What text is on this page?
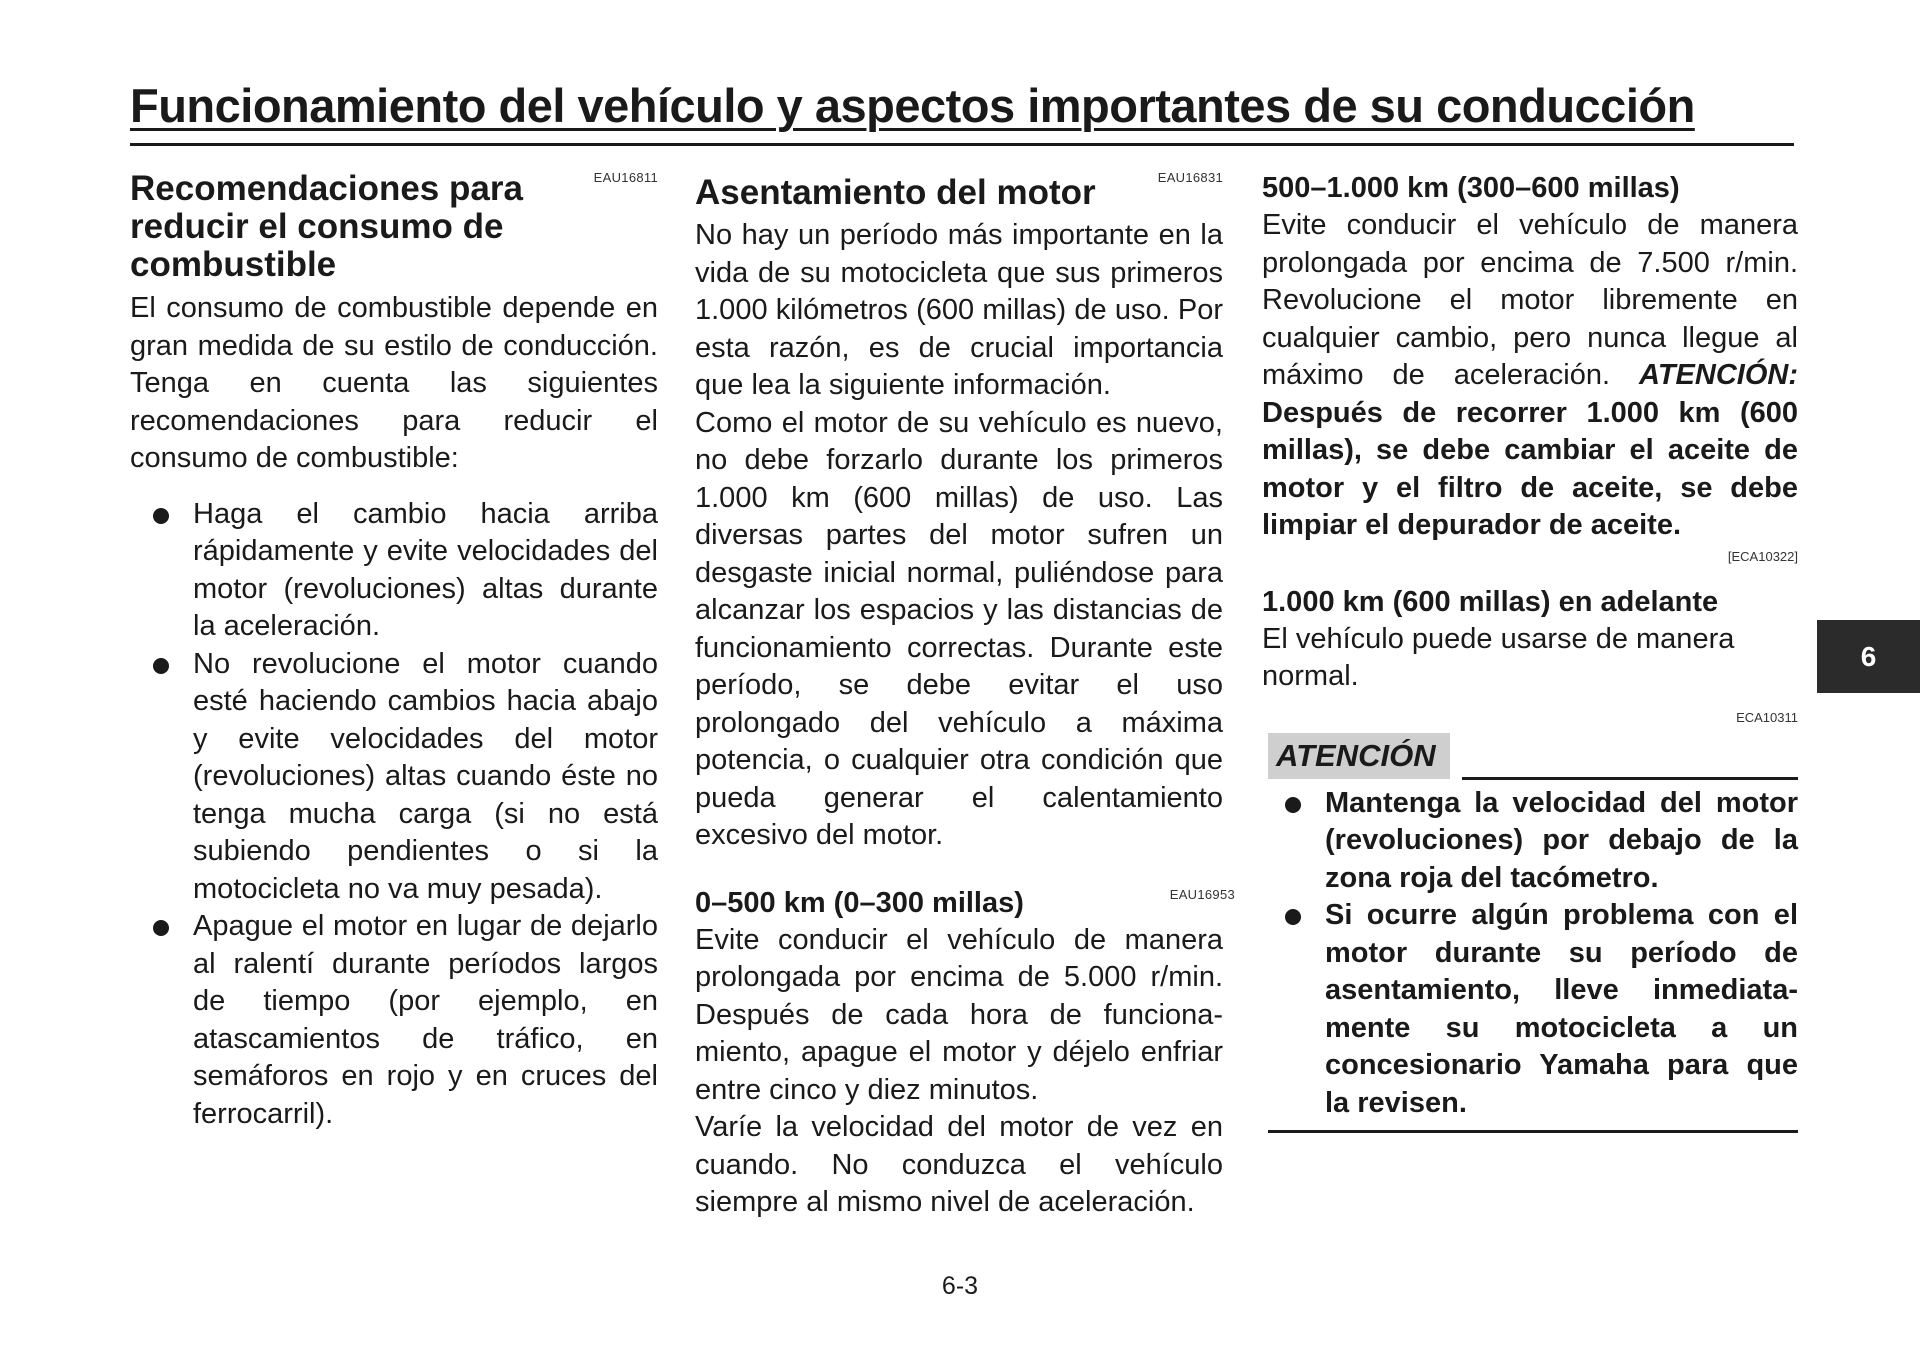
Funcionamiento del vehículo y aspectos importantes de su conducción
Recomendaciones para
reducir el consumo de
combustible
EAU16811

El consumo de combustible depende en gran medida de su estilo de conducción. Tenga en cuenta las siguientes recomendaciones para reducir el consumo de combustible:

Haga el cambio hacia arriba rápidamente y evite velocidades del motor (revoluciones) altas durante la aceleración.
No revolucione el motor cuando esté haciendo cambios hacia abajo y evite velocidades del motor (revoluciones) altas cuando éste no tenga mucha carga (si no está subiendo pendientes o si la motocicleta no va muy pesada).
Apague el motor en lugar de dejarlo al ralentí durante períodos largos de tiempo (por ejemplo, en atascamientos de tráfico, en semáforos en rojo y en cruces del ferrocarril).
Asentamiento del motor	EAU16831

No hay un período más importante en la vida de su motocicleta que sus primeros 1.000 kilómetros (600 millas) de uso. Por esta razón, es de crucial importancia que lea la siguiente información.

Como el motor de su vehículo es nuevo, no debe forzarlo durante los primeros 1.000 km (600 millas) de uso. Las diversas partes del motor sufren un desgaste inicial normal, puliéndose para alcanzar los espacios y las distancias de funcionamiento correctas. Durante este período, se debe evitar el uso prolongado del vehículo a máxima potencia, o cualquier otra condición que pueda generar el calentamiento excesivo del motor.

0–500 km (0–300 millas)	EAU16953

Evite conducir el vehículo de manera prolongada por encima de 5.000 r/min. Después de cada hora de funcionamiento, apague el motor y déjelo enfriar entre cinco y diez minutos.

Varíe la velocidad del motor de vez en cuando. No conduzca el vehículo siempre al mismo nivel de aceleración.

500–1.000 km (300–600 millas)

Evite conducir el vehículo de manera prolongada por encima de 7.500 r/min. Revolucione el motor libremente en cualquier cambio, pero nunca llegue al máximo de aceleración. ATENCIÓN: Después de recorrer 1.000 km (600 millas), se debe cambiar el aceite de motor y el filtro de aceite, se debe limpiar el depurador de aceite.

[ECA10322]
1.000 km (600 millas) en adelante

El vehículo puede usarse de manera normal.

ECA10311
ATENCIÓN
Mantenga la velocidad del motor (revoluciones) por debajo de la zona roja del tacómetro.
Si ocurre algún problema con el motor durante su período de asentamiento, lleve inmediatamente su motocicleta a un concesionario Yamaha para que la revisen.
6
6-3
